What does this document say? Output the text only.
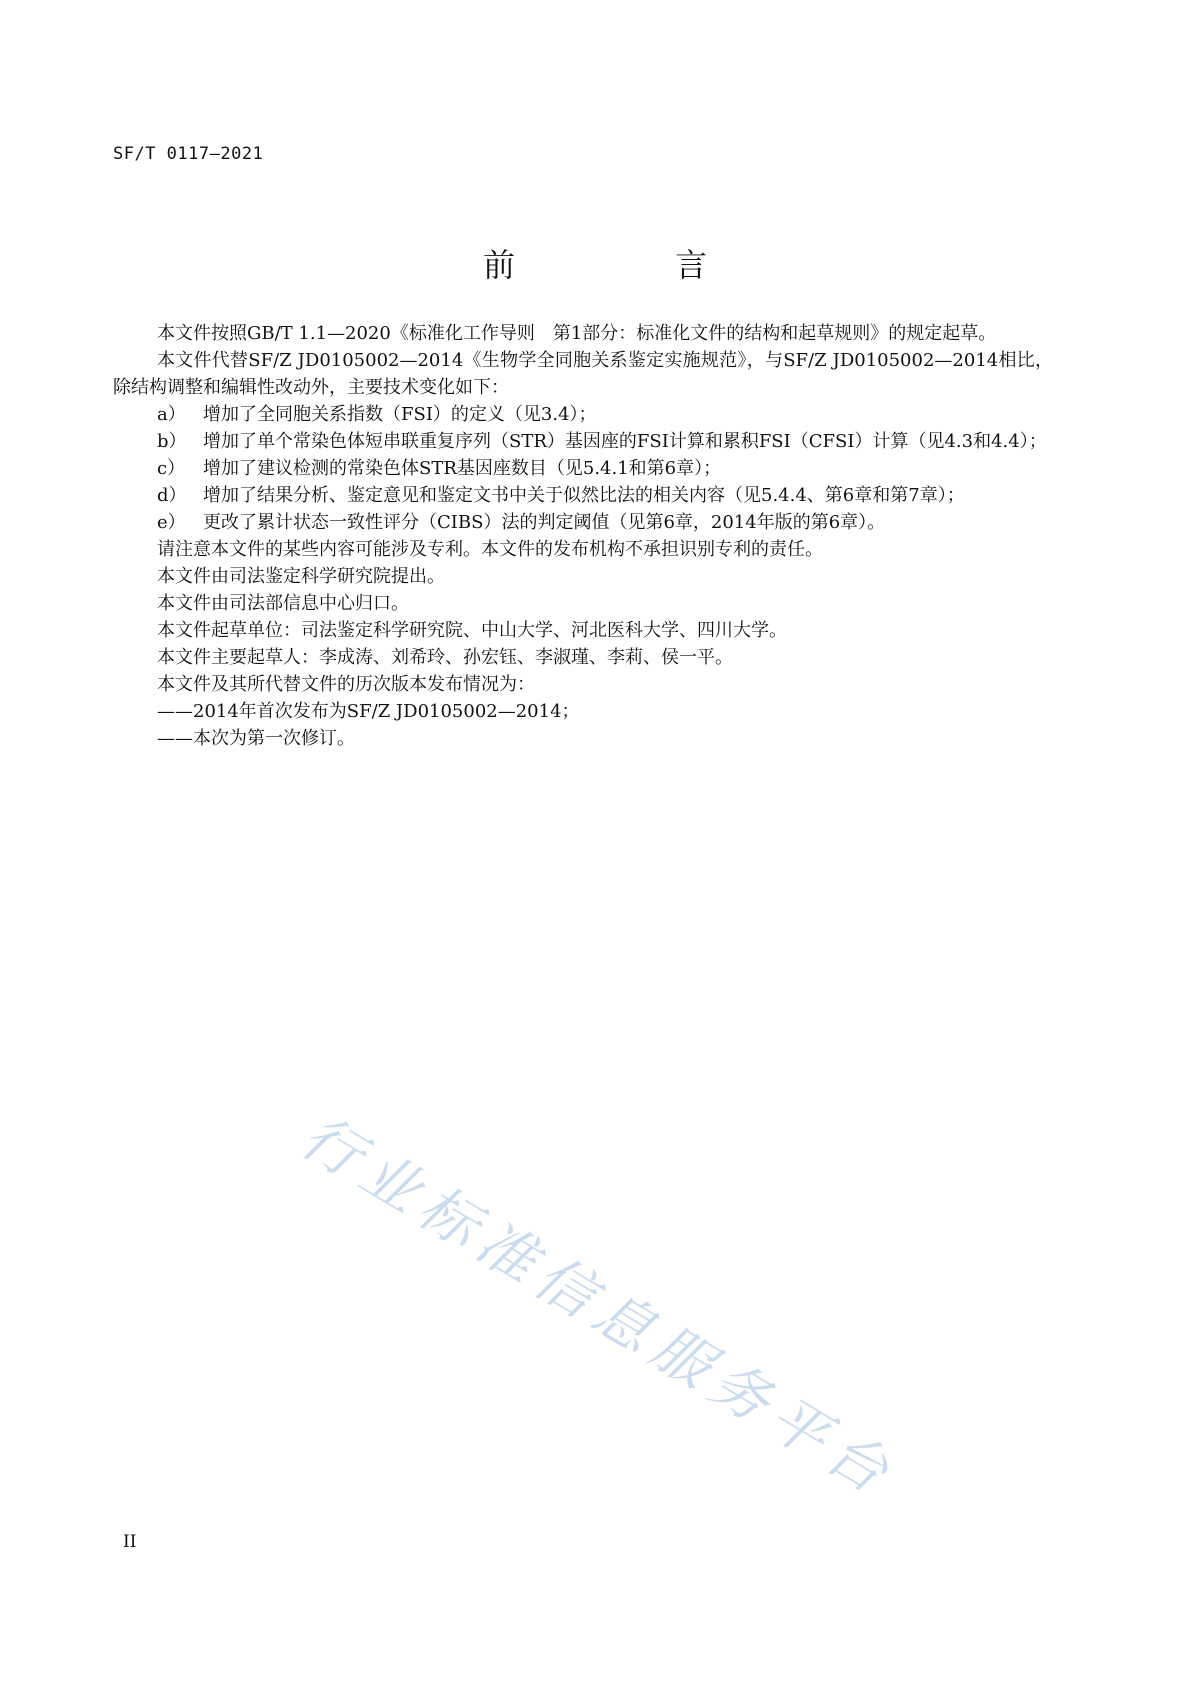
SF/T 0117—2021

前　言

本文件按照GB/T 1.1—2020《标准化工作导则　第1部分：标准化文件的结构和起草规则》的规定起草。

本文件代替SF/Z JD0105002—2014《生物学全同胞关系鉴定实施规范》，与SF/Z JD0105002—2014相比，除结构调整和编辑性改动外，主要技术变化如下：

a） 增加了全同胞关系指数（FSI）的定义（见3.4）；
b） 增加了单个常染色体短串联重复序列（STR）基因座的FSI计算和累积FSI（CFSI）计算（见4.3和4.4）；
c） 增加了建议检测的常染色体STR基因座数目（见5.4.1和第6章）；
d） 增加了结果分析、鉴定意见和鉴定文书中关于似然比法的相关内容（见5.4.4、第6章和第7章）；
e） 更改了累计状态一致性评分（CIBS）法的判定阈值（见第6章，2014年版的第6章）。

请注意本文件的某些内容可能涉及专利。本文件的发布机构不承担识别专利的责任。

本文件由司法鉴定科学研究院提出。

本文件由司法部信息中心归口。

本文件起草单位：司法鉴定科学研究院、中山大学、河北医科大学、四川大学。

本文件主要起草人：李成涛、刘希玲、孙宏钰、李淑瑾、李莉、侯一平。

本文件及其所代替文件的历次版本发布情况为：

——2014年首次发布为SF/Z JD0105002—2014；

——本次为第一次修订。

行业标准信息服务平台

II
